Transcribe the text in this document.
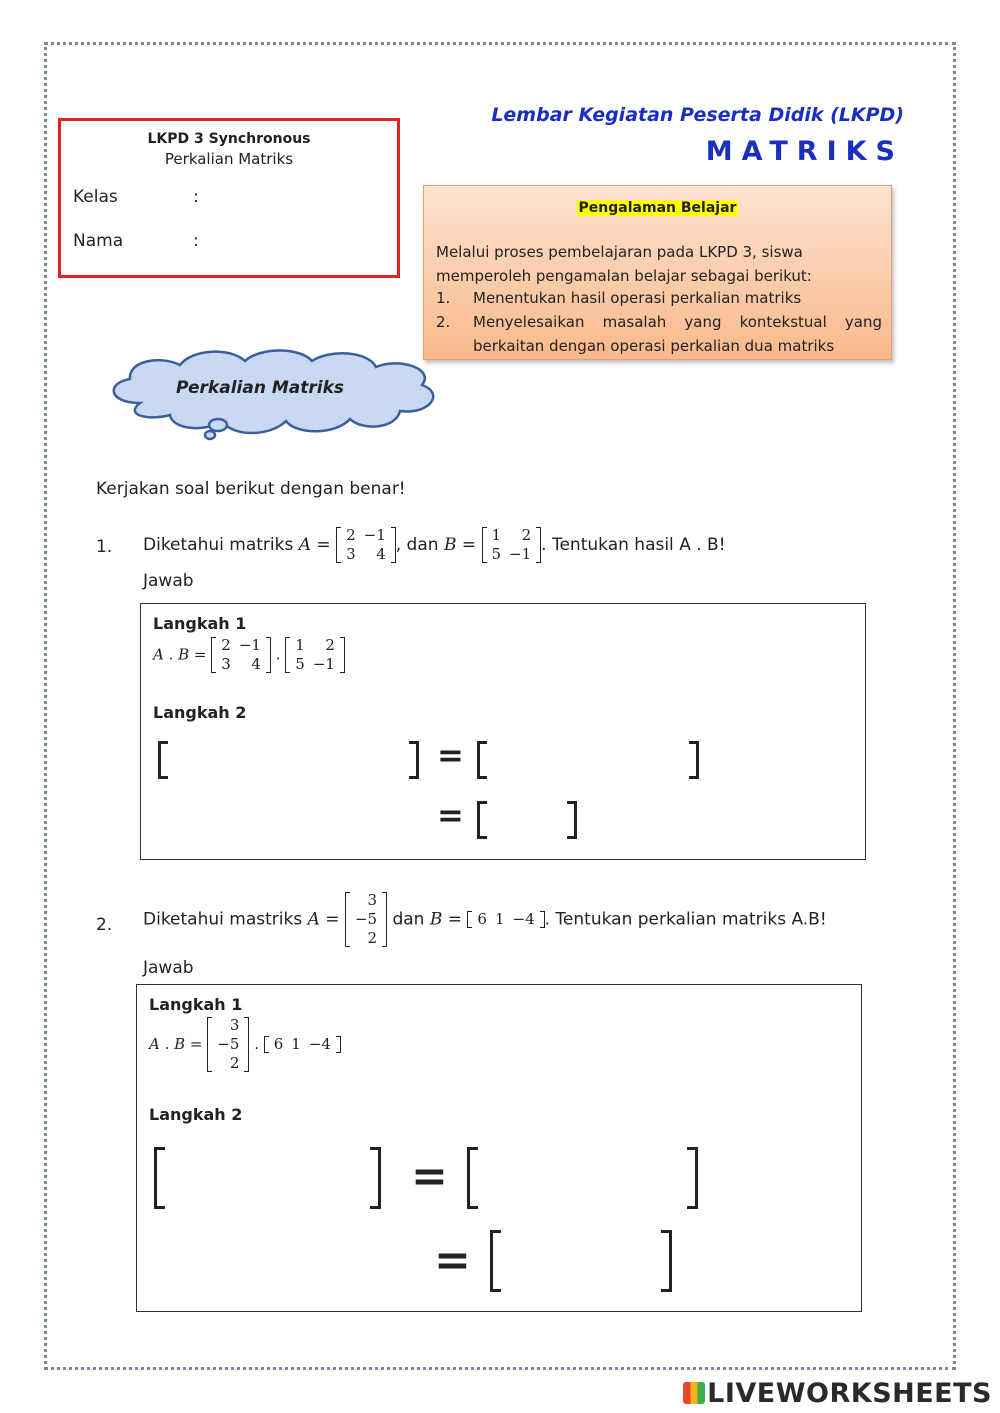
LKPD 3 Synchronous
Perkalian Matriks
Kelas	:
Nama	:
Lembar Kegiatan Peserta Didik (LKPD)
MATRIKS
Pengalaman Belajar
Melalui proses pembelajaran pada LKPD 3, siswa memperoleh pengamalan belajar sebagai berikut:
1. Menentukan hasil operasi perkalian matriks
2. Menyelesaikan masalah yang kontekstual yang berkaitan dengan operasi perkalian dua matriks
Perkalian Matriks
Kerjakan soal berikut dengan benar!
1. Diketahui matriks A = 2	−1
3	4 , dan B = 1	2
5	−1 . Tentukan hasil A . B!
Jawab
Langkah 1
A . B =
2	−1
3	4
.
1	2
5	−1
Langkah 2
=
=
2. Diketahui mastriks A =
3
−5
2
dan B = 6	1	−4 . Tentukan perkalian matriks A.B!
Jawab
Langkah 1
A . B =
3
−5
2
. 6	1	−4
Langkah 2
=
=
LIVEWORKSHEETS
